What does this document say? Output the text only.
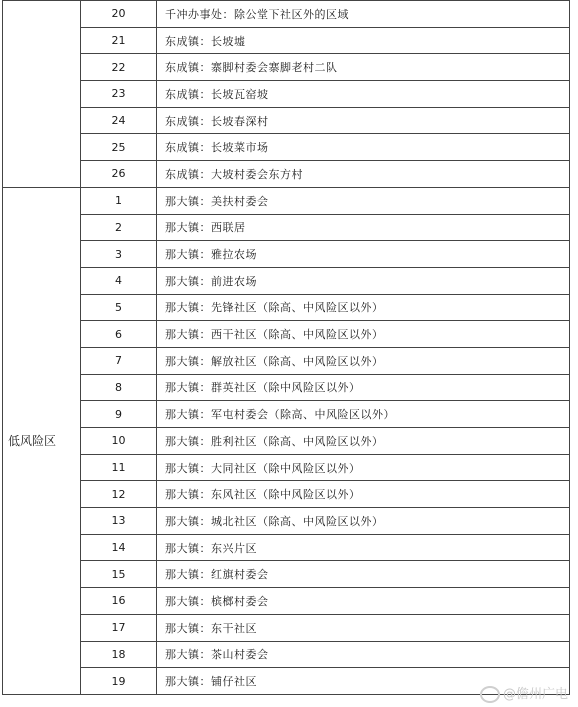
	20	千冲办事处：除公堂下社区外的区域
	21	东成镇：长坡墟
	22	东成镇：寨脚村委会寨脚老村二队
	23	东成镇：长坡瓦窑坡
	24	东成镇：长坡春深村
	25	东成镇：长坡菜市场
	26	东成镇：大坡村委会东方村
低风险区	1	那大镇：美扶村委会
	2	那大镇：西联居
	3	那大镇：雅拉农场
	4	那大镇：前进农场
	5	那大镇：先锋社区（除高、中风险区以外）
	6	那大镇：西干社区（除高、中风险区以外）
	7	那大镇：解放社区（除高、中风险区以外）
	8	那大镇：群英社区（除中风险区以外）
	9	那大镇：军屯村委会（除高、中风险区以外）
	10	那大镇：胜利社区（除高、中风险区以外）
	11	那大镇：大同社区（除中风险区以外）
	12	那大镇：东风社区（除中风险区以外）
	13	那大镇：城北社区（除高、中风险区以外）
	14	那大镇：东兴片区
	15	那大镇：红旗村委会
	16	那大镇：槟榔村委会
	17	那大镇：东干社区
	18	那大镇：茶山村委会
	19	那大镇：铺仔社区
@儋州广电
